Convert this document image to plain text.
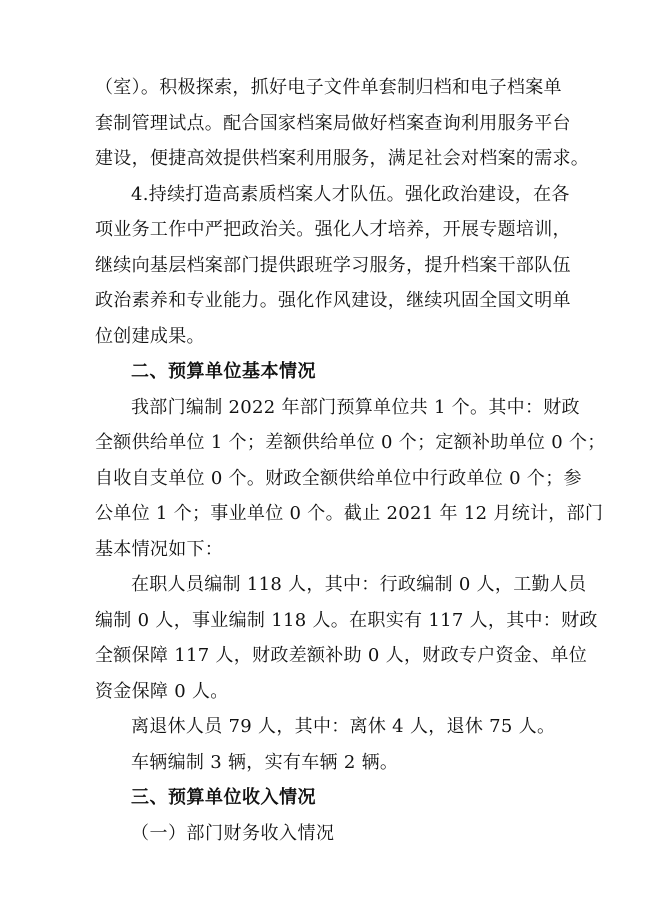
（室）。积极探索，抓好电子文件单套制归档和电子档案单
套制管理试点。配合国家档案局做好档案查询利用服务平台
建设，便捷高效提供档案利用服务，满足社会对档案的需求。
4.持续打造高素质档案人才队伍。强化政治建设，在各
项业务工作中严把政治关。强化人才培养，开展专题培训，
继续向基层档案部门提供跟班学习服务，提升档案干部队伍
政治素养和专业能力。强化作风建设，继续巩固全国文明单
位创建成果。
二、预算单位基本情况
我部门编制 2022 年部门预算单位共 1 个。其中：财政
全额供给单位 1 个；差额供给单位 0 个；定额补助单位 0 个；
自收自支单位 0 个。财政全额供给单位中行政单位 0 个；参
公单位 1 个；事业单位 0 个。截止 2021 年 12 月统计，部门
基本情况如下：
在职人员编制 118 人，其中：行政编制 0 人，工勤人员
编制 0 人，事业编制 118 人。在职实有 117 人，其中：财政
全额保障 117 人，财政差额补助 0 人，财政专户资金、单位
资金保障 0 人。
离退休人员 79 人，其中：离休 4 人，退休 75 人。
车辆编制 3 辆，实有车辆 2 辆。
三、预算单位收入情况
（一）部门财务收入情况
